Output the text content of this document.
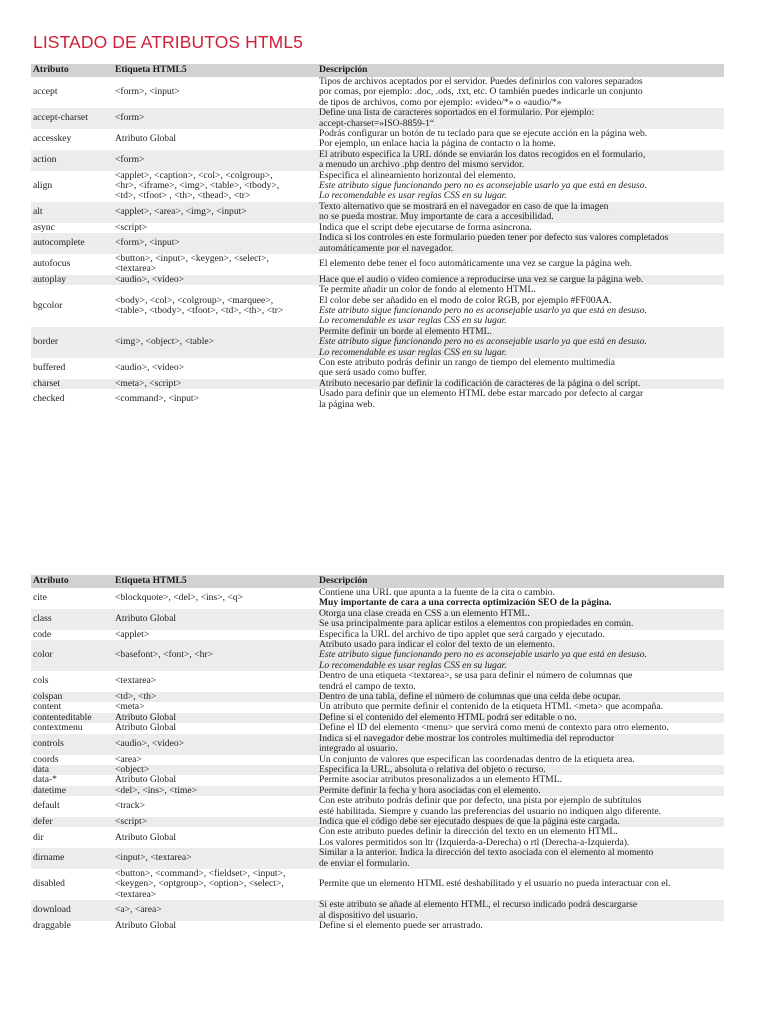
LISTADO DE ATRIBUTOS HTML5
Atributo	Etiqueta HTML5	Descripción
accept	<form>, <input>	Tipos de archivos aceptados por el servidor. Puedes definirlos con valores separados
por comas, por ejemplo: .doc, .ods, .txt, etc. O también puedes indicarle un conjunto
de tipos de archivos, como por ejemplo: «video/*» o «audio/*»

accept-charset	<form>	Define una lista de caracteres soportados en el formulario. Por ejemplo:
accept-charset=»ISO-8859-1“

accesskey	Atributo Global	Podrás configurar un botón de tu teclado para que se ejecute acción en la página web.
Por ejemplo, un enlace hacia la página de contacto o la home.

action	<form>	El atributo especifica la URL dónde se enviarán los datos recogidos en el formulario,
a menudo un archivo .php dentro del mismo servidor.

align	<applet>, <caption>, <col>, <colgroup>,
<hr>, <iframe>, <img>, <table>, <tbody>,
<td>, <tfoot> , <th>, <thead>, <tr>	Especifica el alineamiento horizontal del elemento.
Este atributo sigue funcionando pero no es aconsejable usarlo ya que está en desuso.
Lo recomendable es usar reglas CSS en su lugar.

alt	<applet>, <area>, <img>, <input>	Texto alternativo que se mostrará en el navegador en caso de que la imagen
no se pueda mostrar. Muy importante de cara a accesibilidad.

async	<script>	Indica que el script debe ejecutarse de forma asíncrona.

autocomplete	<form>, <input>	Indica si los controles en este formulario pueden tener por defecto sus valores completados
automáticamente por el navegador.

autofocus	<button>, <input>, <keygen>, <select>,
<textarea>	El elemento debe tener el foco automáticamente una vez se cargue la página web.

autoplay	<audio>, <video>	Hace que el audio o video comience a reproducirse una vez se cargue la página web.

bgcolor	<body>, <col>, <colgroup>, <marquee>,
<table>, <tbody>, <tfoot>, <td>, <th>, <tr>	Te permite añadir un color de fondo al elemento HTML.
El color debe ser añadido en el modo de color RGB, por ejemplo #FF00AA.
Este atributo sigue funcionando pero no es aconsejable usarlo ya que está en desuso.
Lo recomendable es usar reglas CSS en su lugar.

border	<img>, <object>, <table>	Permite definir un borde al elemento HTML.
Este atributo sigue funcionando pero no es aconsejable usarlo ya que está en desuso.
Lo recomendable es usar reglas CSS en su lugar.

buffered	<audio>, <video>	Con este atributo podrás definir un rango de tiempo del elemento multimedia
que será usado como buffer.

charset	<meta>, <script>	Atributo necesario par definir la codificación de caracteres de la página o del script.

checked	<command>, <input>	Usado para definir que un elemento HTML debe estar marcado por defecto al cargar
la página web.
Atributo	Etiqueta HTML5	Descripción
cite	<blockquote>, <del>, <ins>, <q>	Contiene una URL que apunta a la fuente de la cita o cambio.
Muy importante de cara a una correcta optimización SEO de la página.

class	Atributo Global	Otorga una clase creada en CSS a un elemento HTML.
Se usa principalmente para aplicar estilos a elementos con propiedades en común.

code	<applet>	Especifica la URL del archivo de tipo applet que será cargado y ejecutado.

color	<basefont>, <font>, <hr>	Atributo usado para indicar el color del texto de un elemento.
Este atributo sigue funcionando pero no es aconsejable usarlo ya que está en desuso.
Lo recomendable es usar reglas CSS en su lugar.

cols	<textarea>	Dentro de una etiqueta <textarea>, se usa para definir el número de columnas que
tendrá el campo de texto.

colspan	<td>, <th>	Dentro de una tabla, define el número de columnas que una celda debe ocupar.

content	<meta>	Un atributo que permite definir el contenido de la etiqueta HTML <meta> que acompaña.

contenteditable	Atributo Global	Define si el contenido del elemento HTML podrá ser editable o no.

contextmenu	Atributo Global	Define el ID del elemento <menu> que servirá como menú de contexto para otro elemento.

controls	<audio>, <video>	Indica si el navegador debe mostrar los controles multimedia del reproductor
integrado al usuario.

coords	<area>	Un conjunto de valores que especifican las coordenadas dentro de la etiqueta area.

data	<object>	Especifica la URL, absoluta o relativa del objeto o recurso.

data-*	Atributo Global	Permite asociar atributos presonalizados a un elemento HTML.

datetime	<del>, <ins>, <time>	Permite definir la fecha y hora asociadas con el elemento.

default	<track>	Con este atributo podrás definir que por defecto, una pista por ejemplo de subtítulos
esté habilitada. Siempre y cuando las preferencias del usuario no indiquen algo diferente.

defer	<script>	Indica que el código debe ser ejecutado despues de que la página este cargada.

dir	Atributo Global	Con este atributo puedes definir la dirección del texto en un elemento HTML.
Los valores permitidos son ltr (Izquierda-a-Derecha) o rtl (Derecha-a-Izquierda).

dirname	<input>, <textarea>	Similar a la anterior. Indica la dirección del texto asociada con el elemento al momento
de enviar el formulario.

disabled	<button>, <command>, <fieldset>, <input>,
<keygen>, <optgroup>, <option>, <select>,
<textarea>	Permite que un elemento HTML esté deshabilitado y el usuario no pueda interactuar con el.

download	<a>, <area>	Si este atributo se añade al elemento HTML, el recurso indicado podrá descargarse
al dispositivo del usuario.

draggable	Atributo Global	Define si el elemento puede ser arrastrado.
